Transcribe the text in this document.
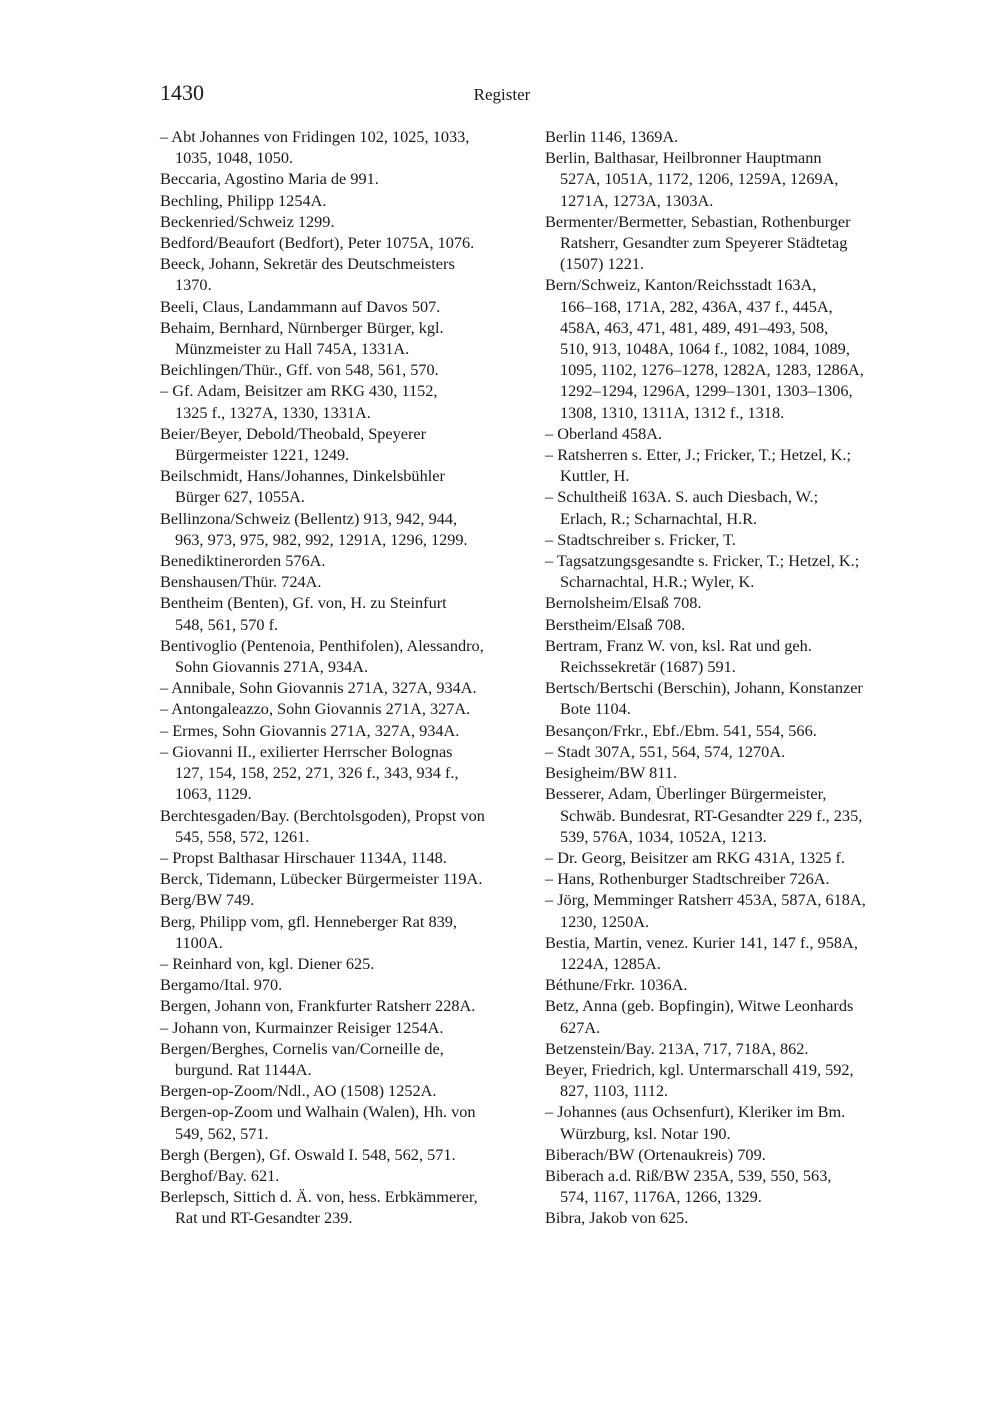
1430	Register
– Abt Johannes von Fridingen 102, 1025, 1033,
1035, 1048, 1050.
Beccaria, Agostino Maria de 991.
Bechling, Philipp 1254A.
Beckenried/Schweiz 1299.
Bedford/Beaufort (Bedfort), Peter 1075A, 1076.
Beeck, Johann, Sekretär des Deutschmeisters
1370.
Beeli, Claus, Landammann auf Davos 507.
Behaim, Bernhard, Nürnberger Bürger, kgl.
Münzmeister zu Hall 745A, 1331A.
Beichlingen/Thür., Gff. von 548, 561, 570.
– Gf. Adam, Beisitzer am RKG 430, 1152,
1325 f., 1327A, 1330, 1331A.
Beier/Beyer, Debold/Theobald, Speyerer
Bürgermeister 1221, 1249.
Beilschmidt, Hans/Johannes, Dinkelsbühler
Bürger 627, 1055A.
Bellinzona/Schweiz (Bellentz) 913, 942, 944,
963, 973, 975, 982, 992, 1291A, 1296, 1299.
Benediktinerorden 576A.
Benshausen/Thür. 724A.
Bentheim (Benten), Gf. von, H. zu Steinfurt
548, 561, 570 f.
Bentivoglio (Pentenoia, Penthifolen), Alessandro,
Sohn Giovannis 271A, 934A.
– Annibale, Sohn Giovannis 271A, 327A, 934A.
– Antongaleazzo, Sohn Giovannis 271A, 327A.
– Ermes, Sohn Giovannis 271A, 327A, 934A.
– Giovanni II., exilierter Herrscher Bolognas
127, 154, 158, 252, 271, 326 f., 343, 934 f.,
1063, 1129.
Berchtesgaden/Bay. (Berchtolsgoden), Propst von
545, 558, 572, 1261.
– Propst Balthasar Hirschauer 1134A, 1148.
Berck, Tidemann, Lübecker Bürgermeister 119A.
Berg/BW 749.
Berg, Philipp vom, gfl. Henneberger Rat 839,
1100A.
– Reinhard von, kgl. Diener 625.
Bergamo/Ital. 970.
Bergen, Johann von, Frankfurter Ratsherr 228A.
– Johann von, Kurmainzer Reisiger 1254A.
Bergen/Berghes, Cornelis van/Corneille de,
burgund. Rat 1144A.
Bergen-op-Zoom/Ndl., AO (1508) 1252A.
Bergen-op-Zoom und Walhain (Walen), Hh. von
549, 562, 571.
Bergh (Bergen), Gf. Oswald I. 548, 562, 571.
Berghof/Bay. 621.
Berlepsch, Sittich d. Ä. von, hess. Erbkämmerer,
Rat und RT-Gesandter 239.
Berlin 1146, 1369A.
Berlin, Balthasar, Heilbronner Hauptmann
527A, 1051A, 1172, 1206, 1259A, 1269A,
1271A, 1273A, 1303A.
Bermenter/Bermetter, Sebastian, Rothenburger
Ratsherr, Gesandter zum Speyerer Städtetag
(1507) 1221.
Bern/Schweiz, Kanton/Reichsstadt 163A,
166–168, 171A, 282, 436A, 437 f., 445A,
458A, 463, 471, 481, 489, 491–493, 508,
510, 913, 1048A, 1064 f., 1082, 1084, 1089,
1095, 1102, 1276–1278, 1282A, 1283, 1286A,
1292–1294, 1296A, 1299–1301, 1303–1306,
1308, 1310, 1311A, 1312 f., 1318.
– Oberland 458A.
– Ratsherren s. Etter, J.; Fricker, T.; Hetzel, K.;
Kuttler, H.
– Schultheiß 163A. S. auch Diesbach, W.;
Erlach, R.; Scharnachtal, H.R.
– Stadtschreiber s. Fricker, T.
– Tagsatzungsgesandte s. Fricker, T.; Hetzel, K.;
Scharnachtal, H.R.; Wyler, K.
Bernolsheim/Elsaß 708.
Berstheim/Elsaß 708.
Bertram, Franz W. von, ksl. Rat und geh.
Reichssekretär (1687) 591.
Bertsch/Bertschi (Berschin), Johann, Konstanzer
Bote 1104.
Besançon/Frkr., Ebf./Ebm. 541, 554, 566.
– Stadt 307A, 551, 564, 574, 1270A.
Besigheim/BW 811.
Besserer, Adam, Überlinger Bürgermeister,
Schwäb. Bundesrat, RT-Gesandter 229 f., 235,
539, 576A, 1034, 1052A, 1213.
– Dr. Georg, Beisitzer am RKG 431A, 1325 f.
– Hans, Rothenburger Stadtschreiber 726A.
– Jörg, Memminger Ratsherr 453A, 587A, 618A,
1230, 1250A.
Bestia, Martin, venez. Kurier 141, 147 f., 958A,
1224A, 1285A.
Béthune/Frkr. 1036A.
Betz, Anna (geb. Bopfingin), Witwe Leonhards
627A.
Betzenstein/Bay. 213A, 717, 718A, 862.
Beyer, Friedrich, kgl. Untermarschall 419, 592,
827, 1103, 1112.
– Johannes (aus Ochsenfurt), Kleriker im Bm.
Würzburg, ksl. Notar 190.
Biberach/BW (Ortenaukreis) 709.
Biberach a.d. Riß/BW 235A, 539, 550, 563,
574, 1167, 1176A, 1266, 1329.
Bibra, Jakob von 625.
